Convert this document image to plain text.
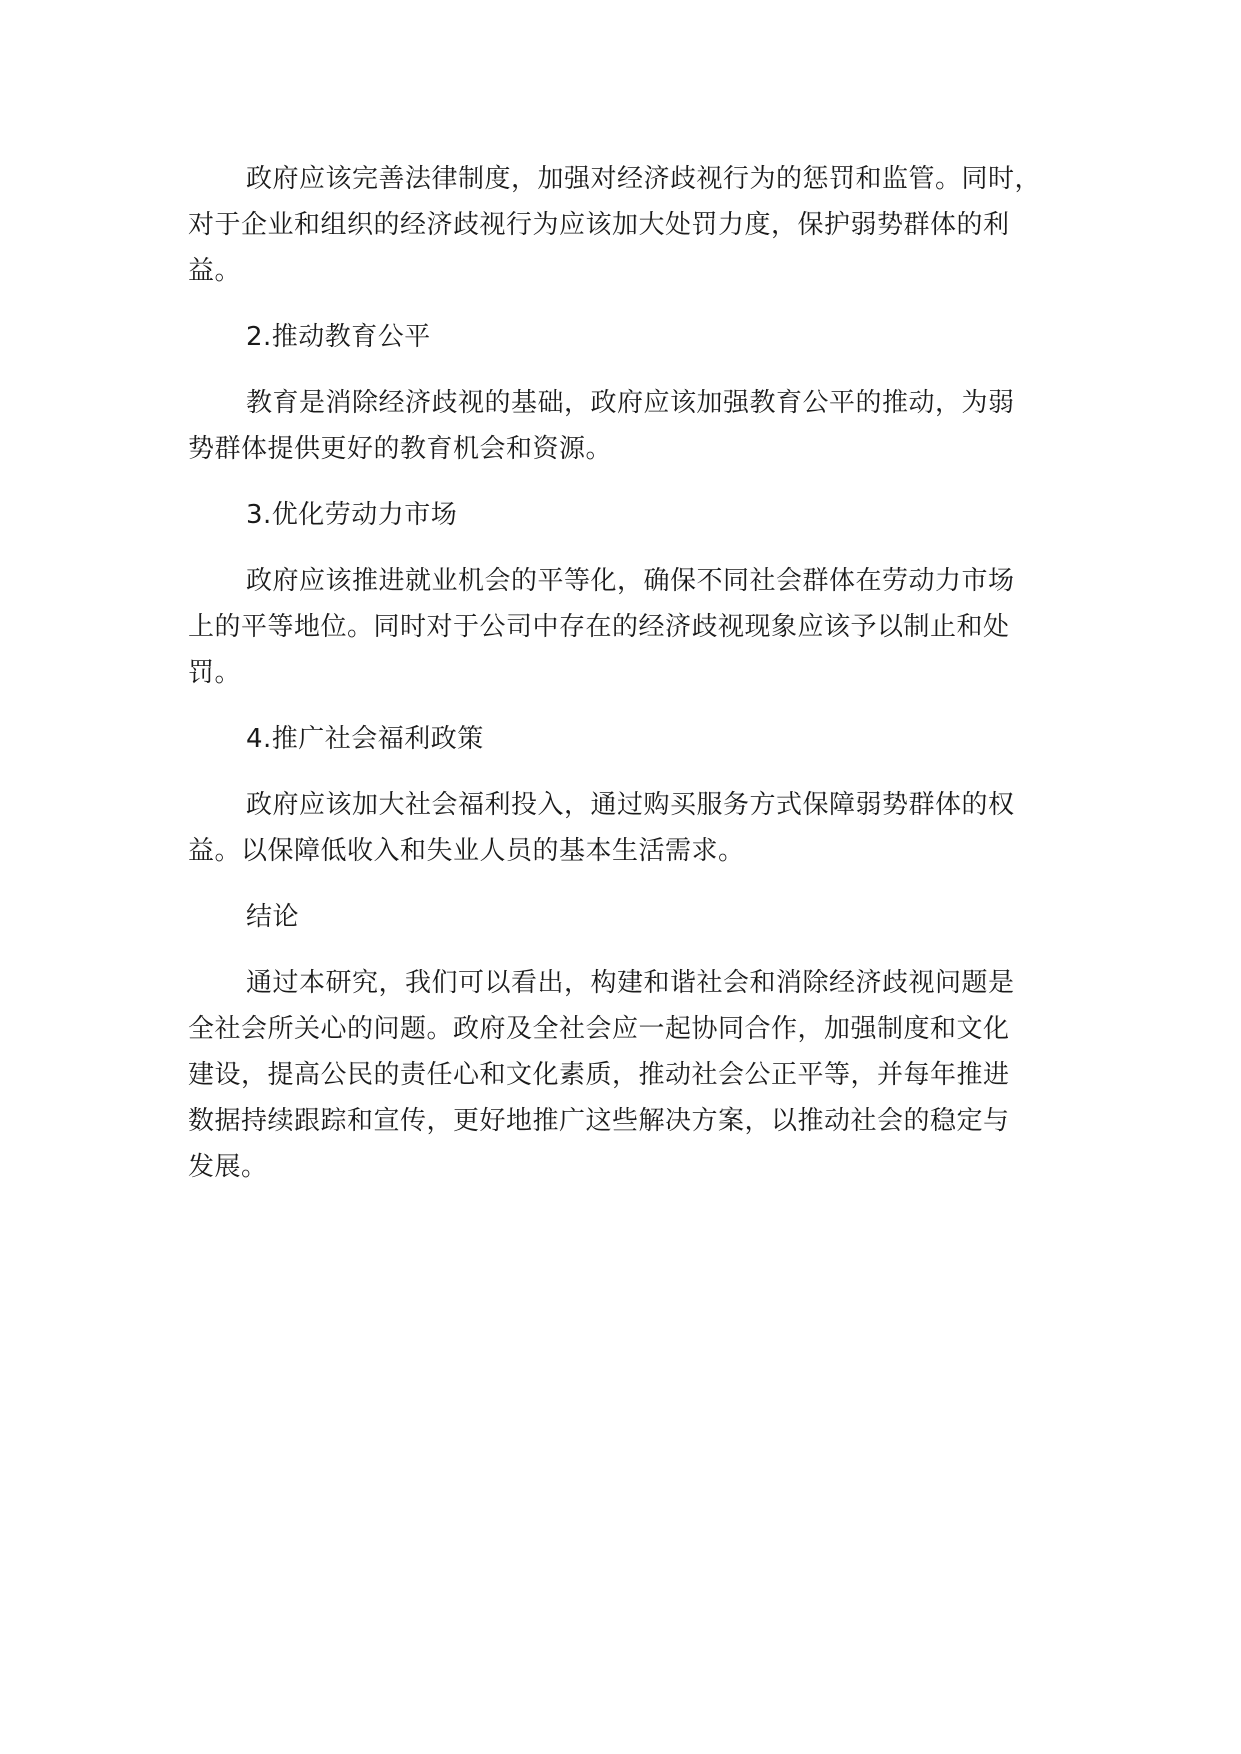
政府应该完善法律制度，加强对经济歧视行为的惩罚和监管。同时，
对于企业和组织的经济歧视行为应该加大处罚力度，保护弱势群体的利
益。

2.推动教育公平

教育是消除经济歧视的基础，政府应该加强教育公平的推动，为弱
势群体提供更好的教育机会和资源。

3.优化劳动力市场

政府应该推进就业机会的平等化，确保不同社会群体在劳动力市场
上的平等地位。同时对于公司中存在的经济歧视现象应该予以制止和处
罚。

4.推广社会福利政策

政府应该加大社会福利投入，通过购买服务方式保障弱势群体的权
益。以保障低收入和失业人员的基本生活需求。

结论

通过本研究，我们可以看出，构建和谐社会和消除经济歧视问题是
全社会所关心的问题。政府及全社会应一起协同合作，加强制度和文化
建设，提高公民的责任心和文化素质，推动社会公正平等，并每年推进
数据持续跟踪和宣传，更好地推广这些解决方案，以推动社会的稳定与
发展。
